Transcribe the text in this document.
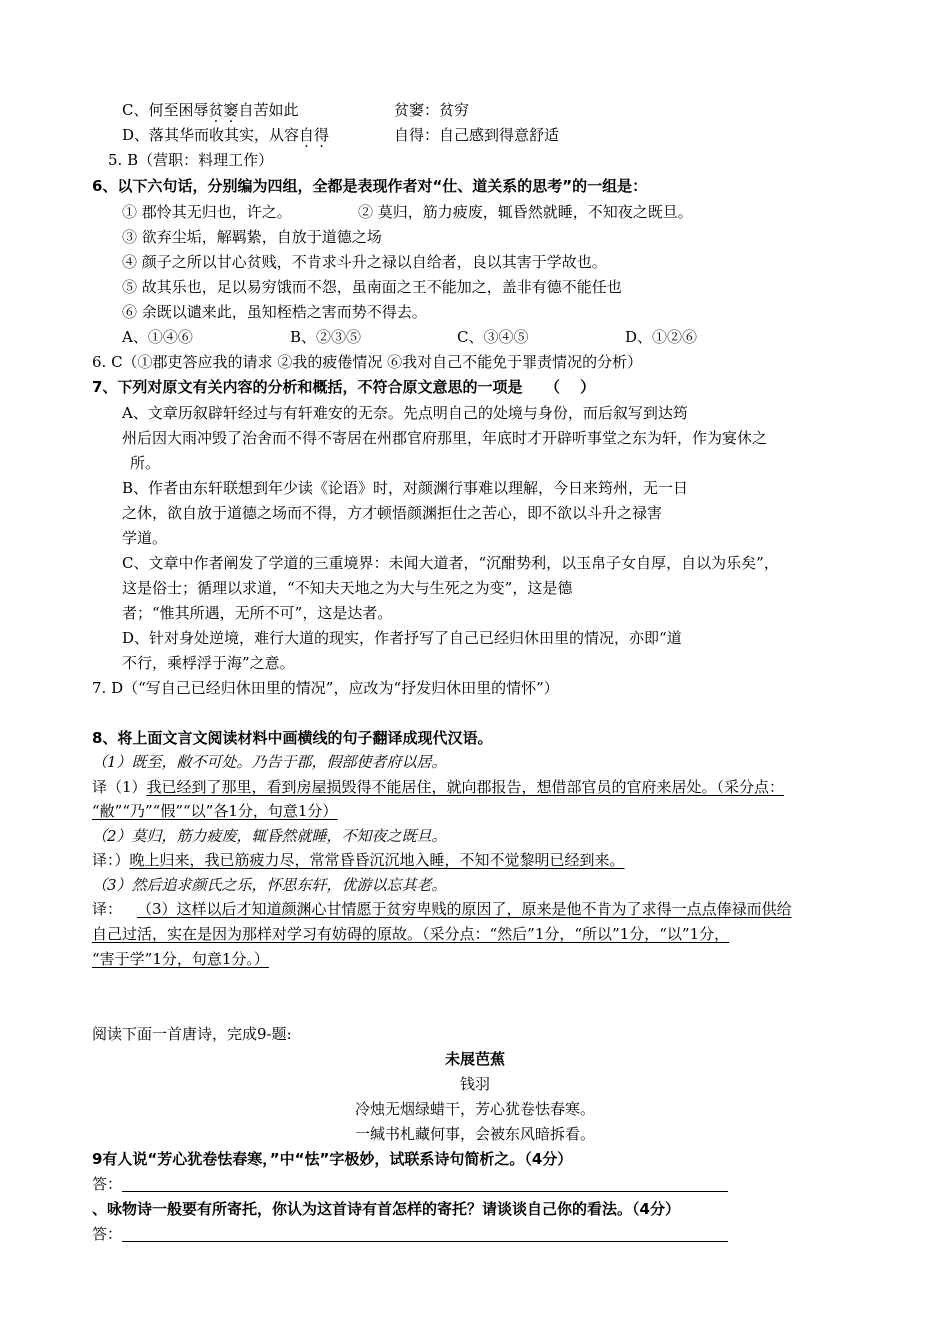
C、何至困辱贫窭自苦如此	贫窭：贫穷
D、落其华而收其实，从容自得	自得：自己感到得意舒适
5. B（营职：料理工作）
6、以下六句话，分别编为四组，全都是表现作者对“仕、道关系的思考”的一组是：
① 郡怜其无归也，许之。	② 莫归，筋力疲废，辄昏然就睡，不知夜之既旦。
③ 欲弃尘垢，解羁絷，自放于道德之场
④ 颜子之所以甘心贫贱，不肯求斗升之禄以自给者，良以其害于学故也。
⑤ 故其乐也，足以易穷饿而不怨，虽南面之王不能加之，盖非有德不能任也
⑥ 余既以谴来此，虽知桎梏之害而势不得去。
A、①④⑥	B、②③⑤	C、③④⑤	D、①②⑥
6. C（①郡吏答应我的请求 ②我的疲倦情况 ⑥我对自己不能免于罪责情况的分析）
7、下列对原文有关内容的分析和概括，不符合原文意思的一项是　　（　 ）
A、文章历叙辟轩经过与有轩难安的无奈。先点明自己的处境与身份，而后叙写到达筠
州后因大雨冲毁了治舍而不得不寄居在州郡官府那里，年底时才开辟听事堂之东为轩，作为宴休之
所。
B、作者由东轩联想到年少读《论语》时，对颜渊行事难以理解，今日来筠州，无一日
之休，欲自放于道德之场而不得，方才顿悟颜渊拒仕之苦心，即不欲以斗升之禄害
学道。
C、文章中作者阐发了学道的三重境界：未闻大道者，“沉酣势利，以玉帛子女自厚，自以为乐矣”，
这是俗士；循理以求道，“不知夫天地之为大与生死之为变”，这是德
者；“惟其所遇，无所不可”，这是达者。
D、针对身处逆境，难行大道的现实，作者抒写了自己已经归休田里的情况，亦即“道
不行，乘桴浮于海”之意。
7. D（“写自己已经归休田里的情况”，应改为“抒发归休田里的情怀”）
8、将上面文言文阅读材料中画横线的句子翻译成现代汉语。
（1）既至，敝不可处。乃告于郡，假部使者府以居。
译（1）我已经到了那里，看到房屋损毁得不能居住，就向郡报告，想借部官员的官府来居处。（采分点：
“敝”“乃”“假”“以”各1分，句意1分）
（2）莫归，筋力疲废，辄昏然就睡，不知夜之既旦。
译：）晚上归来，我已筋疲力尽，常常昏昏沉沉地入睡，不知不觉黎明已经到来。
（3）然后追求颜氏之乐，怀思东轩，优游以忘其老。
译：  （3）这样以后才知道颜渊心甘情愿于贫穷卑贱的原因了，原来是他不肯为了求得一点点俸禄而供给
自己过活，实在是因为那样对学习有妨碍的原故。（采分点：“然后”1分，“所以”1分，“以”1分，
“害于学”1分，句意1分。）
阅读下面一首唐诗，完成9-题:
未展芭蕉
钱羽
冷烛无烟绿蜡干，芳心犹卷怯春寒。
一缄书札藏何事，会被东风暗拆看。
9有人说“芳心犹卷怯春寒，”中“怯”字极妙，试联系诗句简析之。（4分）
答：
、咏物诗一般要有所寄托，你认为这首诗有首怎样的寄托？请谈谈自己你的看法。（4分）
答：
